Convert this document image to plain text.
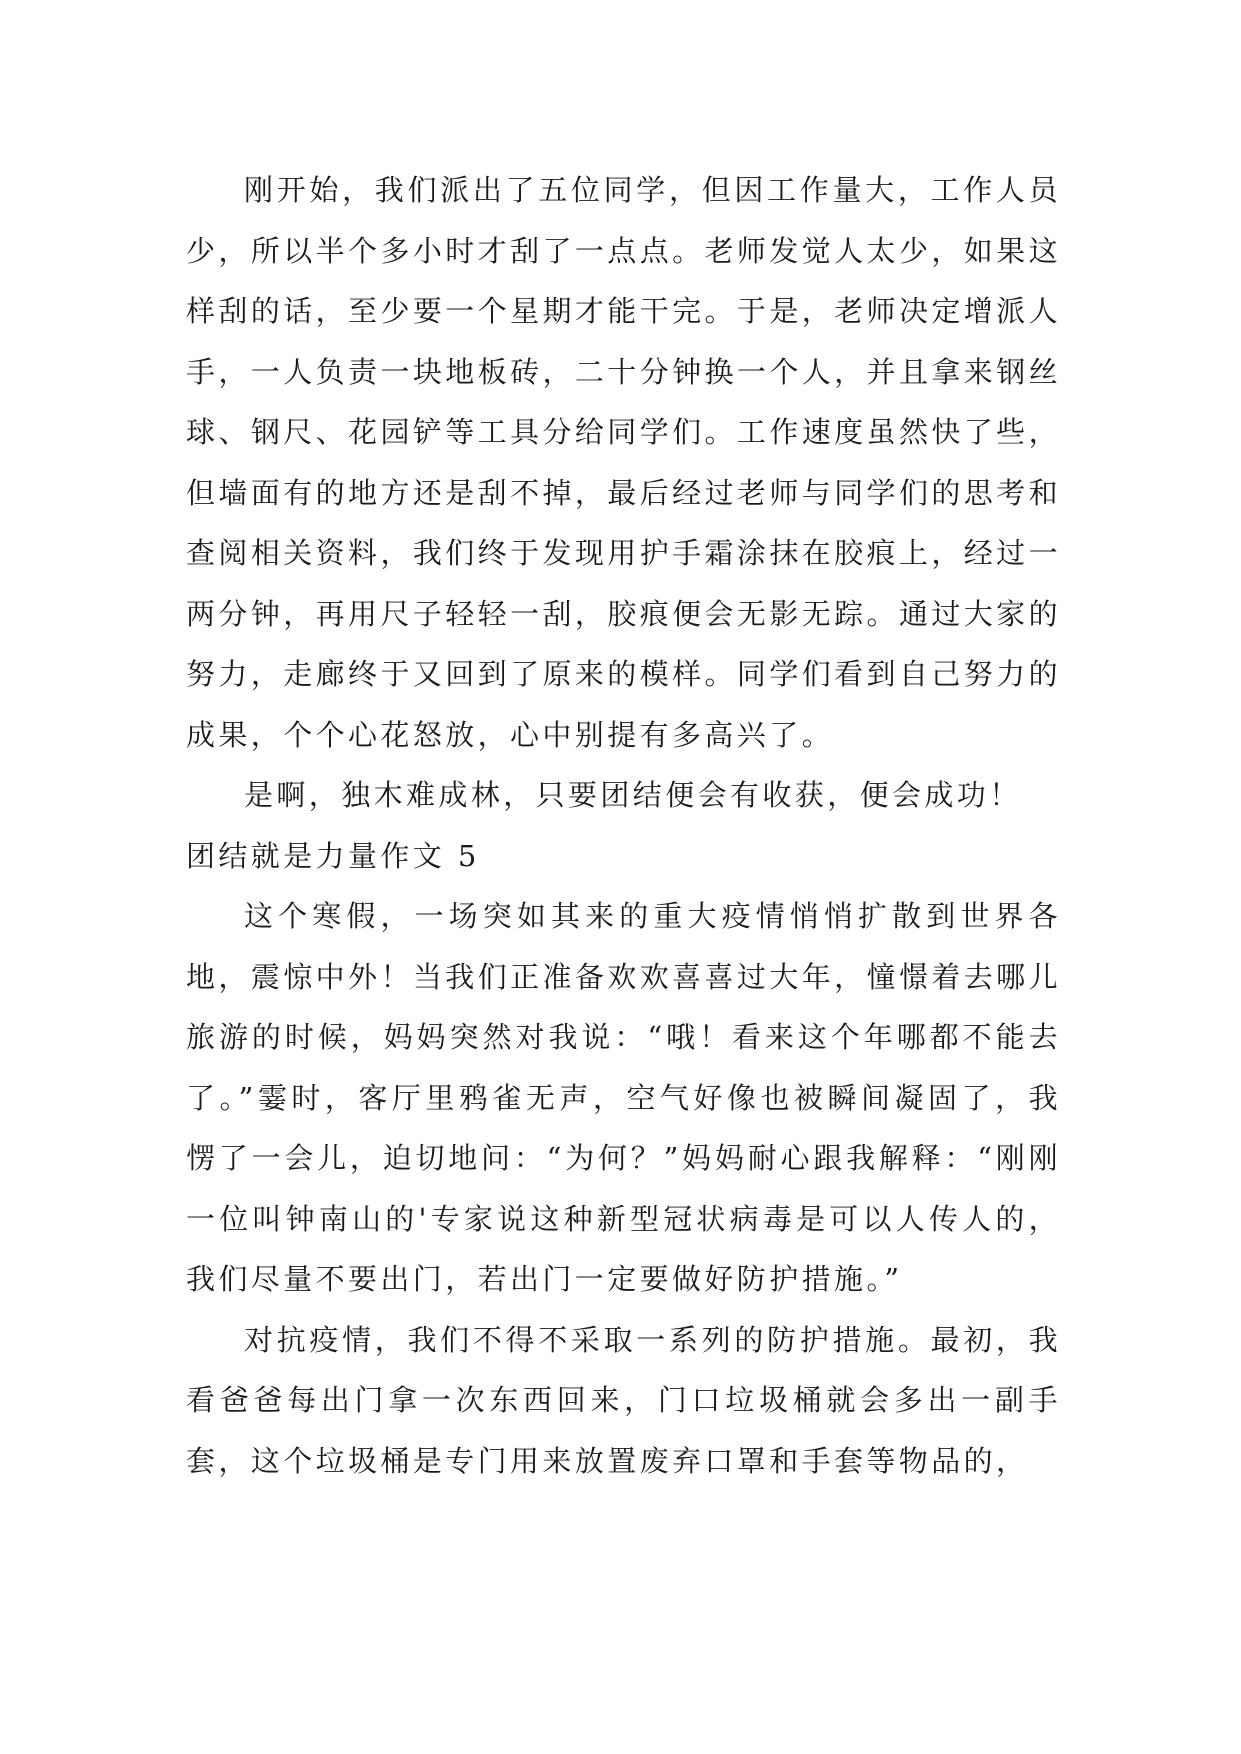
刚开始，我们派出了五位同学，但因工作量大，工作人员少，所以半个多小时才刮了一点点。老师发觉人太少，如果这样刮的话，至少要一个星期才能干完。于是，老师决定增派人手，一人负责一块地板砖，二十分钟换一个人，并且拿来钢丝球、钢尺、花园铲等工具分给同学们。工作速度虽然快了些，但墙面有的地方还是刮不掉，最后经过老师与同学们的思考和查阅相关资料，我们终于发现用护手霜涂抹在胶痕上，经过一两分钟，再用尺子轻轻一刮，胶痕便会无影无踪。通过大家的努力，走廊终于又回到了原来的模样。同学们看到自己努力的成果，个个心花怒放，心中别提有多高兴了。

是啊，独木难成林，只要团结便会有收获，便会成功！

团结就是力量作文 5

这个寒假，一场突如其来的重大疫情悄悄扩散到世界各地，震惊中外！当我们正准备欢欢喜喜过大年，憧憬着去哪儿旅游的时候，妈妈突然对我说：“哦！看来这个年哪都不能去了。”霎时，客厅里鸦雀无声，空气好像也被瞬间凝固了，我愣了一会儿，迫切地问：“为何？”妈妈耐心跟我解释：“刚刚一位叫钟南山的'专家说这种新型冠状病毒是可以人传人的，我们尽量不要出门，若出门一定要做好防护措施。”

对抗疫情，我们不得不采取一系列的防护措施。最初，我看爸爸每出门拿一次东西回来，门口垃圾桶就会多出一副手套，这个垃圾桶是专门用来放置废弃口罩和手套等物品的，
